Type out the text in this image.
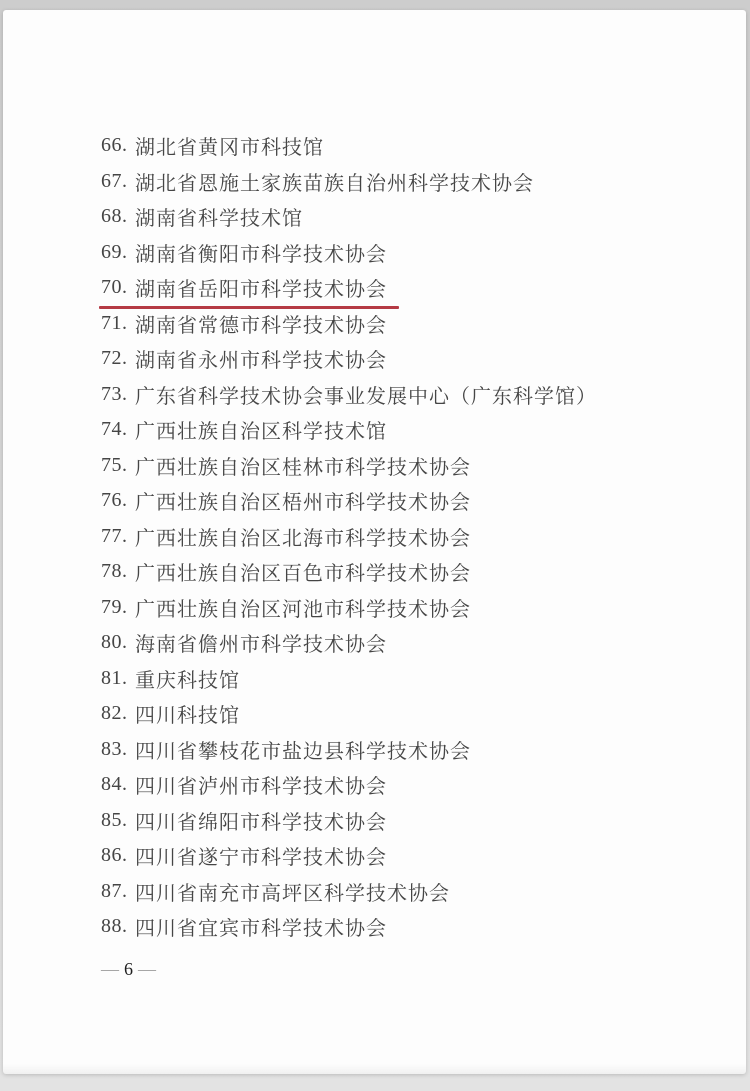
66. 湖北省黄冈市科技馆
67. 湖北省恩施土家族苗族自治州科学技术协会
68. 湖南省科学技术馆
69. 湖南省衡阳市科学技术协会
70. 湖南省岳阳市科学技术协会
71. 湖南省常德市科学技术协会
72. 湖南省永州市科学技术协会
73. 广东省科学技术协会事业发展中心（广东科学馆）
74. 广西壮族自治区科学技术馆
75. 广西壮族自治区桂林市科学技术协会
76. 广西壮族自治区梧州市科学技术协会
77. 广西壮族自治区北海市科学技术协会
78. 广西壮族自治区百色市科学技术协会
79. 广西壮族自治区河池市科学技术协会
80. 海南省儋州市科学技术协会
81. 重庆科技馆
82. 四川科技馆
83. 四川省攀枝花市盐边县科学技术协会
84. 四川省泸州市科学技术协会
85. 四川省绵阳市科学技术协会
86. 四川省遂宁市科学技术协会
87. 四川省南充市高坪区科学技术协会
88. 四川省宜宾市科学技术协会
— 6 —
